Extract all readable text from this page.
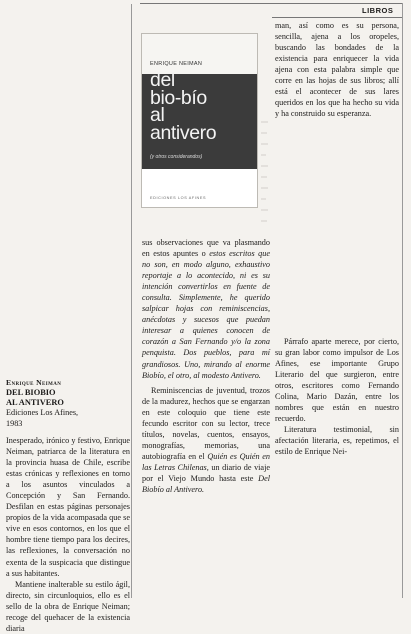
LIBROS
ENRIQUE NEIMAN
del
bio-bío
al
antivero
(y otros considerandos)
EDICIONES LOS AFINES

man, así como es su persona, sencilla, ajena a los oropeles, buscando las bondades de la existencia para enriquecer la vida ajena con esta palabra simple que corre en las hojas de sus libros; allí está el acontecer de sus lares queridos en los que ha hecho su vida y ha construido su esperanza.

sus observaciones que va plasmando en estos apuntes o estos escritos que no son, en modo alguno, exhaustivo reportaje a lo acontecido, ni es su intención convertirlos en fuente de consulta. Simplemente, he querido salpicar hojas con reminiscencias, anécdotas y sucesos que puedan interesar a quienes conocen de corazón a San Fernando y/o la zona penquista. Dos pueblos, para mí grandiosos. Uno, mirando al enorme Biobío, el otro, al modesto Antivero.

Reminiscencias de juventud, trozos de la madurez, hechos que se engarzan en este coloquio que tiene este fecundo escritor con su lector, trece títulos, novelas, cuentos, ensayos, monografías, memorias, una autobiografía en el Quién es Quién en las Letras Chilenas, un diario de viaje por el Viejo Mundo hasta este Del Biobío al Antivero.

Párrafo aparte merece, por cierto, su gran labor como impulsor de Los Afines, ese importante Grupo Literario del que surgieron, entre otros, escritores como Fernando Colina, Mario Dazán, entre los nombres que están en nuestro recuerdo.

Literatura testimonial, sin afectación literaria, es, repetimos, el estilo de Enrique Nei-

Enrique Neiman
DEL BIOBIO
AL ANTIVERO
Ediciones Los Afines,
1983

Inesperado, irónico y festivo, Enrique Neiman, patriarca de la literatura en la provincia huasa de Chile, escribe estas crónicas y reflexiones en torno a los asuntos vinculados a Concepción y San Fernando. Desfilan en estas páginas personajes propios de la vida acompasada que se vive en esos contornos, en los que el hombre tiene tiempo para los decires, las reflexiones, la conversación no exenta de la suspicacia que distingue a sus habitantes.

Mantiene inalterable su estilo ágil, directo, sin circunloquios, ello es el sello de la obra de Enrique Neiman; recoge del quehacer de la existencia diaria
